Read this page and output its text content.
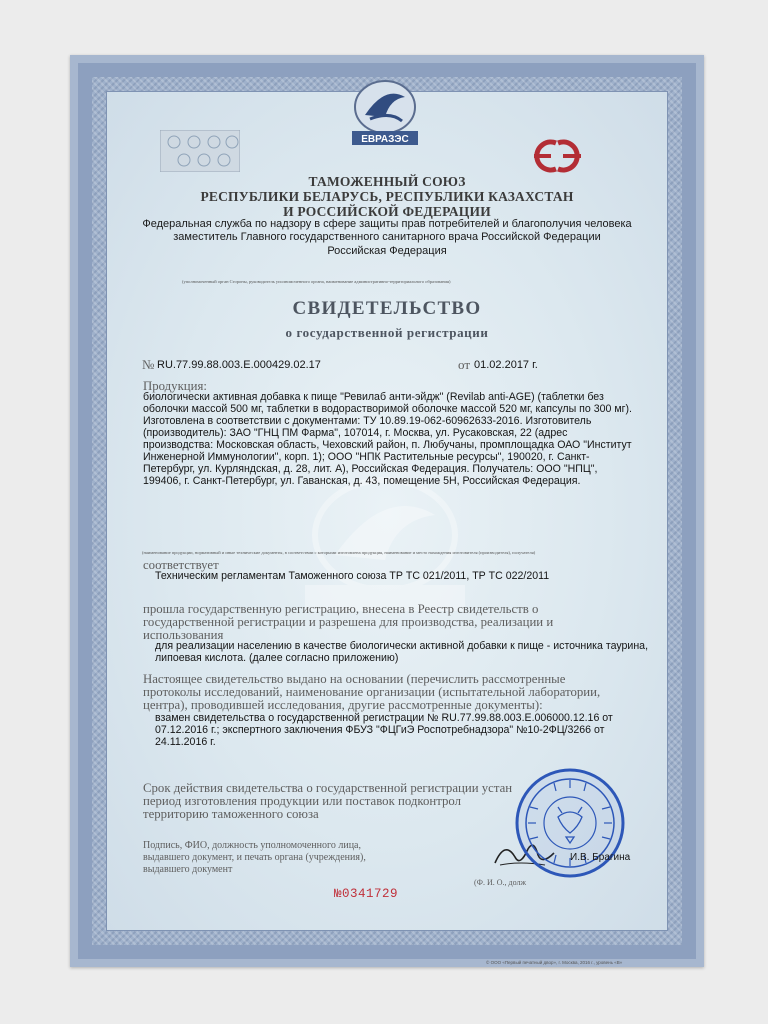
ЕВРАЗЭС

ТАМОЖЕННЫЙ СОЮЗ

РЕСПУБЛИКИ БЕЛАРУСЬ, РЕСПУБЛИКИ КАЗАХСТАН

И РОССИЙСКОЙ ФЕДЕРАЦИИ

Федеральная служба по надзору в сфере защиты прав потребителей и благополучия человека

заместитель Главного государственного санитарного врача Российской Федерации

Российская Федерация

(уполномоченный орган Стороны, руководитель уполномоченного органа, наименование административно-территориального образования)

СВИДЕТЕЛЬСТВО

о государственной регистрации

№ RU.77.99.88.003.Е.000429.02.17	от 01.02.2017 г.

Продукция:

биологически активная добавка к пище "Ревилаб анти-эйдж" (Revilab anti-AGE) (таблетки без

оболочки массой 500 мг, таблетки в водорастворимой оболочке массой 520 мг, капсулы по 300 мг).

Изготовлена в соответствии с документами: ТУ 10.89.19-062-60962633-2016. Изготовитель

(производитель): ЗАО "ГНЦ ПМ Фарма", 107014, г. Москва, ул. Русаковская, 22 (адрес

производства: Московская область, Чеховский район, п. Любучаны, промплощадка ОАО "Институт

Инженерной Иммунологии", корп. 1); ООО "НПК Растительные ресурсы", 190020, г. Санкт-

Петербург, ул. Курляндская, д. 28, лит. А), Российская Федерация. Получатель: ООО "НПЦ",

199406, г. Санкт-Петербург, ул. Гаванская, д. 43, помещение 5Н, Российская Федерация.

(наименование продукции, нормативный и иные технические документы, в соответствии с которыми изготовлена продукция, наименование и место нахождения изготовителя (производителя), получателя)

соответствует

Техническим регламентам Таможенного союза ТР ТС 021/2011, ТР ТС 022/2011

прошла государственную регистрацию, внесена в Реестр свидетельств о

государственной регистрации и разрешена для производства, реализации и

использования

для реализации населению в качестве биологически активной добавки к пище - источника таурина,

липоевая кислота. (далее согласно приложению)

Настоящее свидетельство выдано на основании (перечислить рассмотренные

протоколы исследований, наименование организации (испытательной лаборатории,

центра), проводившей исследования, другие рассмотренные документы):

взамен свидетельства о государственной регистрации № RU.77.99.88.003.Е.006000.12.16 от

07.12.2016 г.; экспертного заключения ФБУЗ "ФЦГиЭ Роспотребнадзора" №10-2ФЦ/3266 от

24.11.2016 г.

Срок действия свидетельства о государственной регистрации устан

период изготовления продукции или поставок подконтрол

территорию таможенного союза

Подпись, ФИО, должность уполномоченного лица,

выдавшего документ, и печать органа (учреждения),

выдавшего документ

И.В. Брагина

(Ф. И. О., долж

№0341729

© ООО «Первый печатный двор», г. Москва, 2016 г., уровень «В»
